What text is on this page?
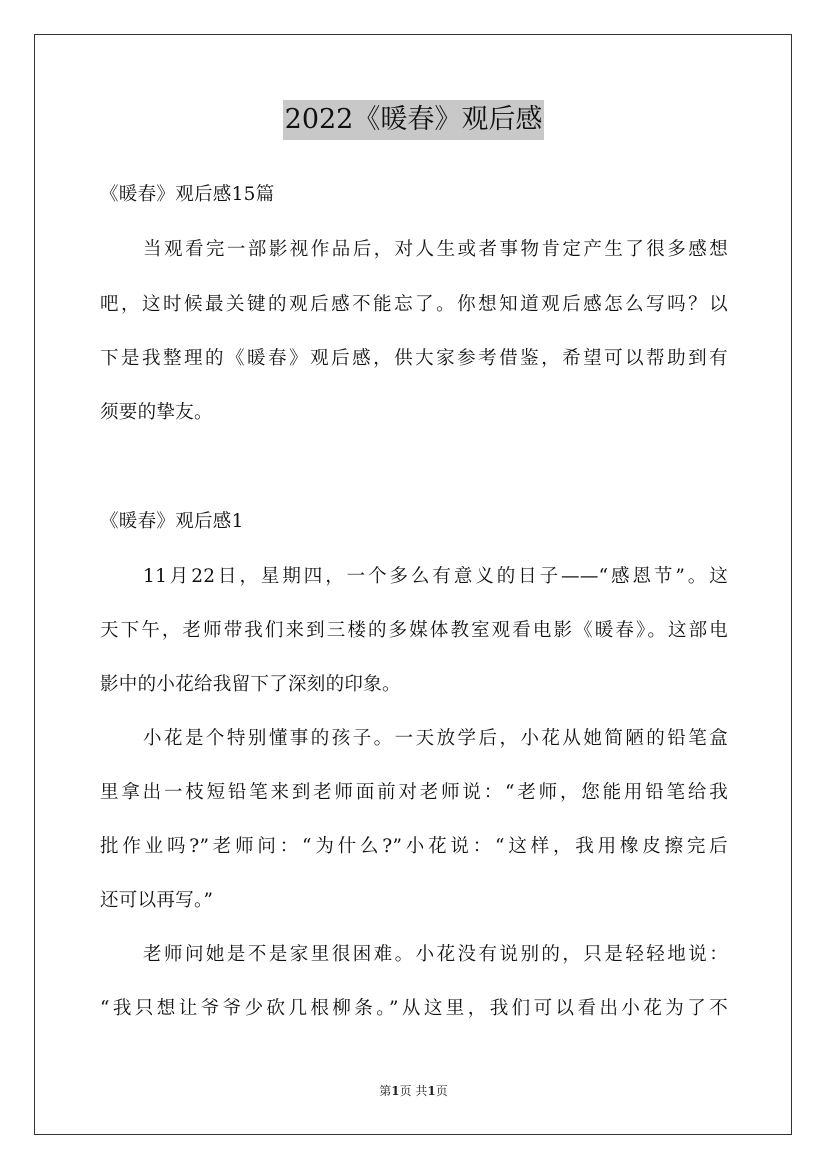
2022《暖春》观后感
《暖春》观后感15篇
当观看完一部影视作品后，对人生或者事物肯定产生了很多感想
吧，这时候最关键的观后感不能忘了。你想知道观后感怎么写吗？以
下是我整理的《暖春》观后感，供大家参考借鉴，希望可以帮助到有
须要的挚友。
《暖春》观后感1
11月22日，星期四，一个多么有意义的日子——“感恩节”。这
天下午，老师带我们来到三楼的多媒体教室观看电影《暖春》。这部电
影中的小花给我留下了深刻的印象。
小花是个特别懂事的孩子。一天放学后，小花从她简陋的铅笔盒
里拿出一枝短铅笔来到老师面前对老师说：“老师，您能用铅笔给我
批作业吗?”老师问：“为什么?”小花说：“这样，我用橡皮擦完后
还可以再写。”
老师问她是不是家里很困难。小花没有说别的，只是轻轻地说：
“我只想让爷爷少砍几根柳条。”从这里，我们可以看出小花为了不
第1页 共1页
